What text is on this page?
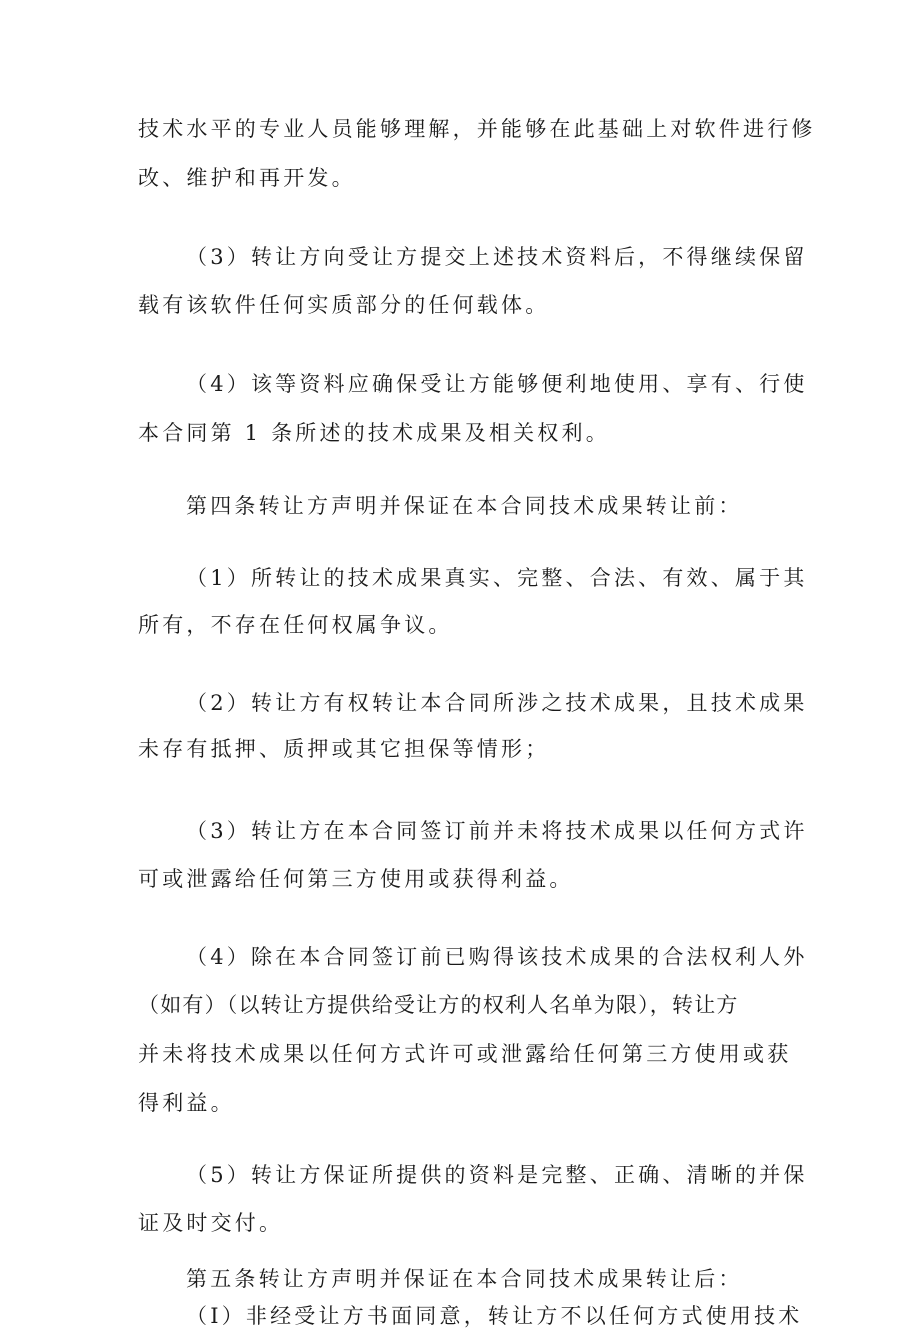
技术水平的专业人员能够理解，并能够在此基础上对软件进行修
改、维护和再开发。
（3）转让方向受让方提交上述技术资料后，不得继续保留
载有该软件任何实质部分的任何载体。
（4）该等资料应确保受让方能够便利地使用、享有、行使
本合同第 1 条所述的技术成果及相关权利。
第四条转让方声明并保证在本合同技术成果转让前：
（1）所转让的技术成果真实、完整、合法、有效、属于其
所有，不存在任何权属争议。
（2）转让方有权转让本合同所涉之技术成果，且技术成果
未存有抵押、质押或其它担保等情形；
（3）转让方在本合同签订前并未将技术成果以任何方式许
可或泄露给任何第三方使用或获得利益。
（4）除在本合同签订前已购得该技术成果的合法权利人外
（如有）（以转让方提供给受让方的权利人名单为限），转让方
并未将技术成果以任何方式许可或泄露给任何第三方使用或获
得利益。
（5）转让方保证所提供的资料是完整、正确、清晰的并保
证及时交付。
第五条转让方声明并保证在本合同技术成果转让后：
（I）非经受让方书面同意，转让方不以任何方式使用技术
